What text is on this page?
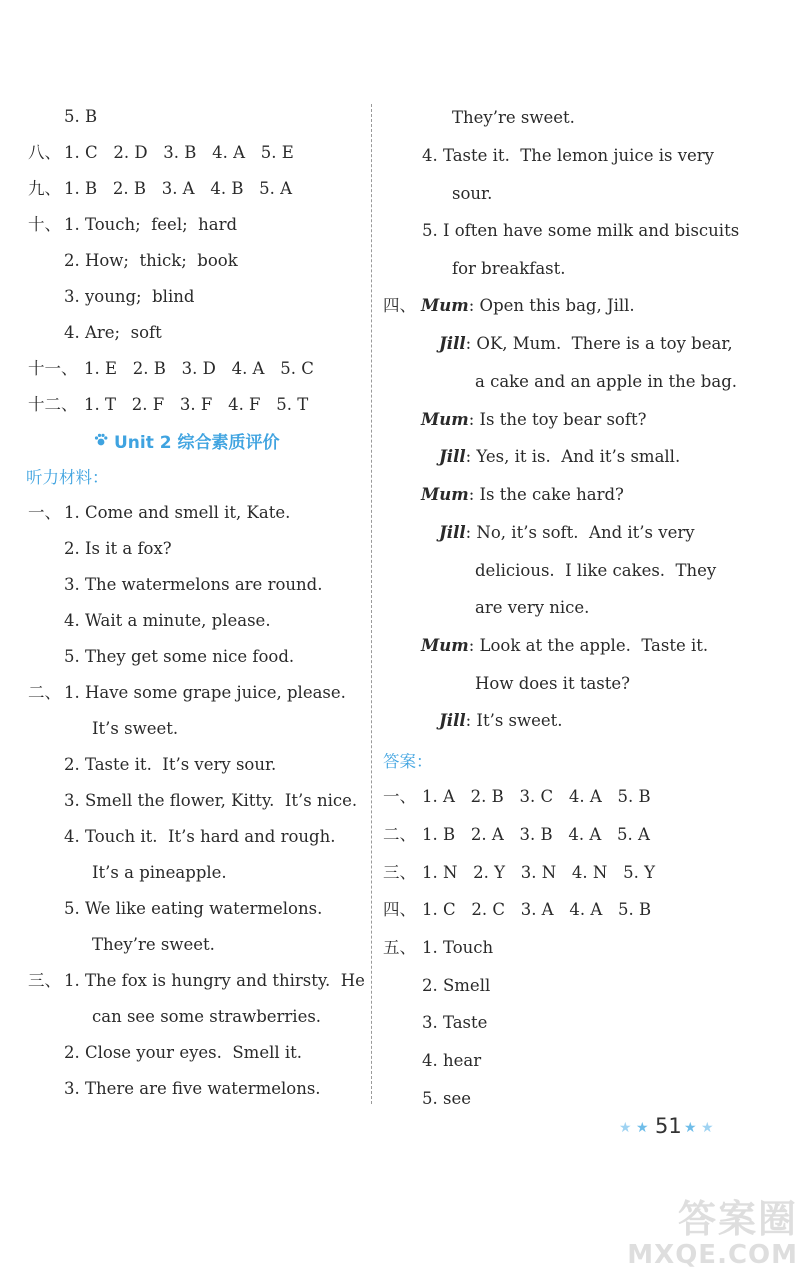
5. B
八、 1. C   2. D   3. B   4. A   5. E
九、 1. B   2. B   3. A   4. B   5. A
十、 1. Touch;  feel;  hard
2. How;  thick;  book
3. young;  blind
4. Are;  soft
十一、 1. E   2. B   3. D   4. A   5. C
十二、 1. T   2. F   3. F   4. F   5. T
Unit 2 综合素质评价
听力材料：
一、 1. Come and smell it, Kate.
2. Is it a fox?
3. The watermelons are round.
4. Wait a minute, please.
5. They get some nice food.
二、 1. Have some grape juice, please.
It’s sweet.
2. Taste it.  It’s very sour.
3. Smell the flower, Kitty.  It’s nice.
4. Touch it.  It’s hard and rough.
It’s a pineapple.
5. We like eating watermelons.
They’re sweet.
三、 1. The fox is hungry and thirsty.  He
can see some strawberries.
2. Close your eyes.  Smell it.
3. There are five watermelons.
They’re sweet.
4. Taste it.  The lemon juice is very
sour.
5. I often have some milk and biscuits
for breakfast.
四、 Mum: Open this bag, Jill.
Jill: OK, Mum.  There is a toy bear,
a cake and an apple in the bag.
Mum: Is the toy bear soft?
Jill: Yes, it is.  And it’s small.
Mum: Is the cake hard?
Jill: No, it’s soft.  And it’s very
delicious.  I like cakes.  They
are very nice.
Mum: Look at the apple.  Taste it.
How does it taste?
Jill: It’s sweet.
答案：
一、 1. A   2. B   3. C   4. A   5. B
二、 1. B   2. A   3. B   4. A   5. A
三、 1. N   2. Y   3. N   4. N   5. Y
四、 1. C   2. C   3. A   4. A   5. B
五、 1. Touch
2. Smell
3. Taste
4. hear
5. see
★ ★ 51 ★ ★
答案圈
MXQE.COM
